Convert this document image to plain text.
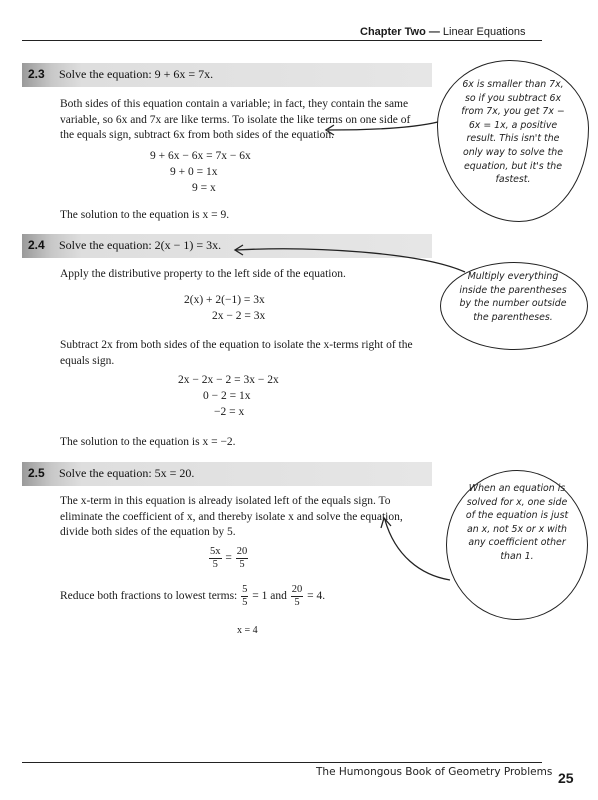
Chapter Two — Linear Equations
2.3 Solve the equation: 9 + 6x = 7x.
Both sides of this equation contain a variable; in fact, they contain the same variable, so 6x and 7x are like terms. To isolate the like terms on one side of the equals sign, subtract 6x from both sides of the equation.
9 + 6x − 6x = 7x − 6x
9 + 0 = 1x
9 = x
The solution to the equation is x = 9.
2.4 Solve the equation: 2(x − 1) = 3x.
Apply the distributive property to the left side of the equation.
2(x) + 2(−1) = 3x
2x − 2 = 3x
Subtract 2x from both sides of the equation to isolate the x-terms right of the equals sign.
2x − 2x − 2 = 3x − 2x
0 − 2 = 1x
−2 = x
The solution to the equation is x = −2.
2.5 Solve the equation: 5x = 20.
The x-term in this equation is already isolated left of the equals sign. To eliminate the coefficient of x, and thereby isolate x and solve the equation, divide both sides of the equation by 5.
$\frac{5x}{5} = \frac{20}{5}$
Reduce both fractions to lowest terms: $\frac{5}{5} = 1$ and $\frac{20}{5} = 4$.
x = 4
6x is smaller than 7x, so if you subtract 6x from 7x, you get 7x − 6x = 1x, a positive result. This isn't the only way to solve the equation, but it's the fastest.
Multiply everything inside the parentheses by the number outside the parentheses.
When an equation is solved for x, one side of the equation is just an x, not 5x or x with any coefficient other than 1.
The Humongous Book of Geometry Problems 25
